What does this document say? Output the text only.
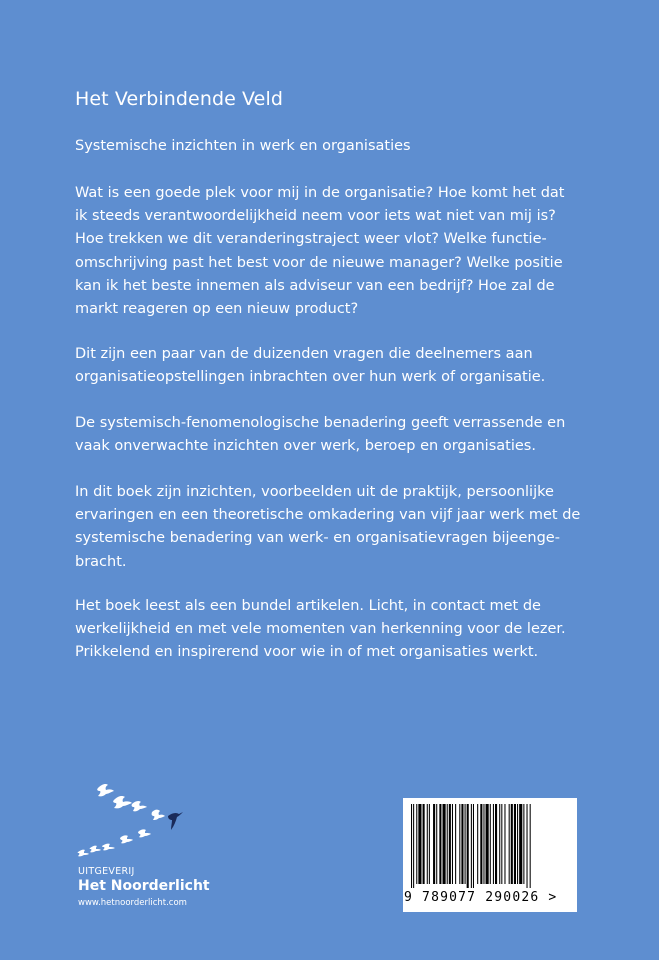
Het Verbindende Veld
Systemische inzichten in werk en organisaties
Wat is een goede plek voor mij in de organisatie? Hoe komt het dat
ik steeds verantwoordelijkheid neem voor iets wat niet van mij is?
Hoe trekken we dit veranderingstraject weer vlot? Welke functie-
omschrijving past het best voor de nieuwe manager? Welke positie
kan ik het beste innemen als adviseur van een bedrijf? Hoe zal de
markt reageren op een nieuw product?
Dit zijn een paar van de duizenden vragen die deelnemers aan
organisatieopstellingen inbrachten over hun werk of organisatie.
De systemisch-fenomenologische benadering geeft verrassende en
vaak onverwachte inzichten over werk, beroep en organisaties.
In dit boek zijn inzichten, voorbeelden uit de praktijk, persoonlijke
ervaringen en een theoretische omkadering van vijf jaar werk met de
systemische benadering van werk- en organisatievragen bijeenge-
bracht.
Het boek leest als een bundel artikelen. Licht, in contact met de
werkelijkheid en met vele momenten van herkenning voor de lezer.
Prikkelend en inspirerend voor wie in of met organisaties werkt.
UITGEVERIJ
Het Noorderlicht
www.hetnoorderlicht.com	9 789077 290026 >
